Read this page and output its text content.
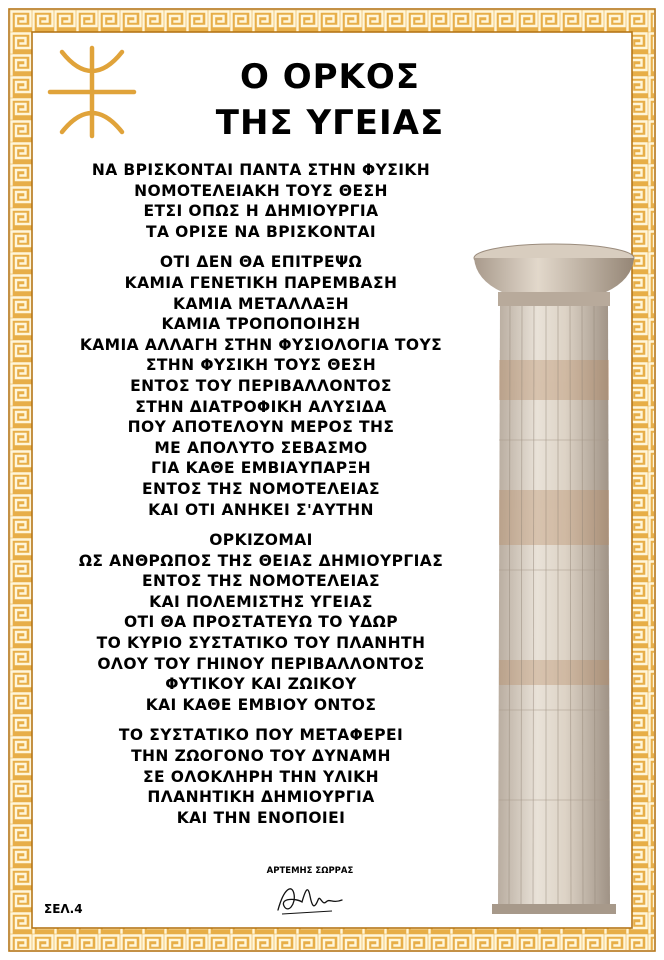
Ο ΟΡΚΟΣ
ΤΗΣ ΥΓΕΙΑΣ
ΝΑ ΒΡΙΣΚΟΝΤΑΙ ΠΑΝΤΑ ΣΤΗΝ ΦΥΣΙΚΗ
ΝΟΜΟΤΕΛΕΙΑΚΗ ΤΟΥΣ ΘΕΣΗ
ΕΤΣΙ ΟΠΩΣ Η ΔΗΜΙΟΥΡΓΙΑ
ΤΑ ΟΡΙΣΕ ΝΑ ΒΡΙΣΚΟΝΤΑΙ
ΟΤΙ ΔΕΝ ΘΑ ΕΠΙΤΡΕΨΩ
ΚΑΜΙΑ ΓΕΝΕΤΙΚΗ ΠΑΡΕΜΒΑΣΗ
ΚΑΜΙΑ ΜΕΤΑΛΛΑΞΗ
ΚΑΜΙΑ ΤΡΟΠΟΠΟΙΗΣΗ
ΚΑΜΙΑ ΑΛΛΑΓΗ ΣΤΗΝ ΦΥΣΙΟΛΟΓΙΑ ΤΟΥΣ
ΣΤΗΝ ΦΥΣΙΚΗ ΤΟΥΣ ΘΕΣΗ
ΕΝΤΟΣ ΤΟΥ ΠΕΡΙΒΑΛΛΟΝΤΟΣ
ΣΤΗΝ ΔΙΑΤΡΟΦΙΚΗ ΑΛΥΣΙΔΑ
ΠΟΥ ΑΠΟΤΕΛΟΥΝ ΜΕΡΟΣ ΤΗΣ
ΜΕ ΑΠΟΛΥΤΟ ΣΕΒΑΣΜΟ
ΓΙΑ ΚΑΘΕ ΕΜΒΙΑΥΠΑΡΞΗ
ΕΝΤΟΣ ΤΗΣ ΝΟΜΟΤΕΛΕΙΑΣ
ΚΑΙ ΟΤΙ ΑΝΗΚΕΙ Σ'ΑΥΤΗΝ
ΟΡΚΙΖΟΜΑΙ
ΩΣ ΑΝΘΡΩΠΟΣ ΤΗΣ ΘΕΙΑΣ ΔΗΜΙΟΥΡΓΙΑΣ
ΕΝΤΟΣ ΤΗΣ ΝΟΜΟΤΕΛΕΙΑΣ
ΚΑΙ ΠΟΛΕΜΙΣΤΗΣ ΥΓΕΙΑΣ
ΟΤΙ ΘΑ ΠΡΟΣΤΑΤΕΥΩ ΤΟ ΥΔΩΡ
ΤΟ ΚΥΡΙΟ ΣΥΣΤΑΤΙΚΟ ΤΟΥ ΠΛΑΝΗΤΗ
ΟΛΟΥ ΤΟΥ ΓΗΙΝΟΥ ΠΕΡΙΒΑΛΛΟΝΤΟΣ
ΦΥΤΙΚΟΥ ΚΑΙ ΖΩΙΚΟΥ
ΚΑΙ ΚΑΘΕ ΕΜΒΙΟΥ ΟΝΤΟΣ
ΤΟ ΣΥΣΤΑΤΙΚΟ ΠΟΥ ΜΕΤΑΦΕΡΕΙ
ΤΗΝ ΖΩΟΓΟΝΟ ΤΟΥ ΔΥΝΑΜΗ
ΣΕ ΟΛΟΚΛΗΡΗ ΤΗΝ ΥΛΙΚΗ
ΠΛΑΝΗΤΙΚΗ ΔΗΜΙΟΥΡΓΙΑ
ΚΑΙ ΤΗΝ ΕΝΟΠΟΙΕΙ
ΑΡΤΕΜΗΣ ΣΩΡΡΑΣ
ΣΕΛ.4
